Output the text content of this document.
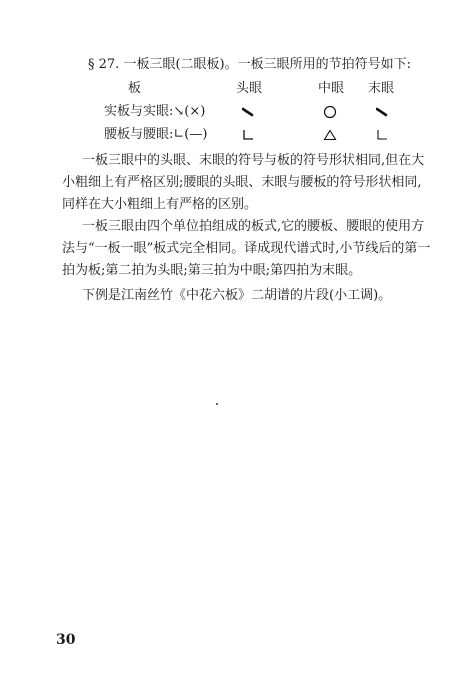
§ 27. 一板三眼(二眼板)。一板三眼所用的节拍符号如下:
板	头眼	中眼 末眼
实板与实眼:↘(×)
腰板与腰眼:∟(—)
一板三眼中的头眼、末眼的符号与板的符号形状相同,但在大
小粗细上有严格区别;腰眼的头眼、末眼与腰板的符号形状相同,
同样在大小粗细上有严格的区别。
一板三眼由四个单位拍组成的板式,它的腰板、腰眼的使用方
法与“一板一眼”板式完全相同。译成现代谱式时,小节线后的第一
拍为板;第二拍为头眼;第三拍为中眼;第四拍为末眼。
下例是江南丝竹《中花六板》二胡谱的片段(小工调)。
30
